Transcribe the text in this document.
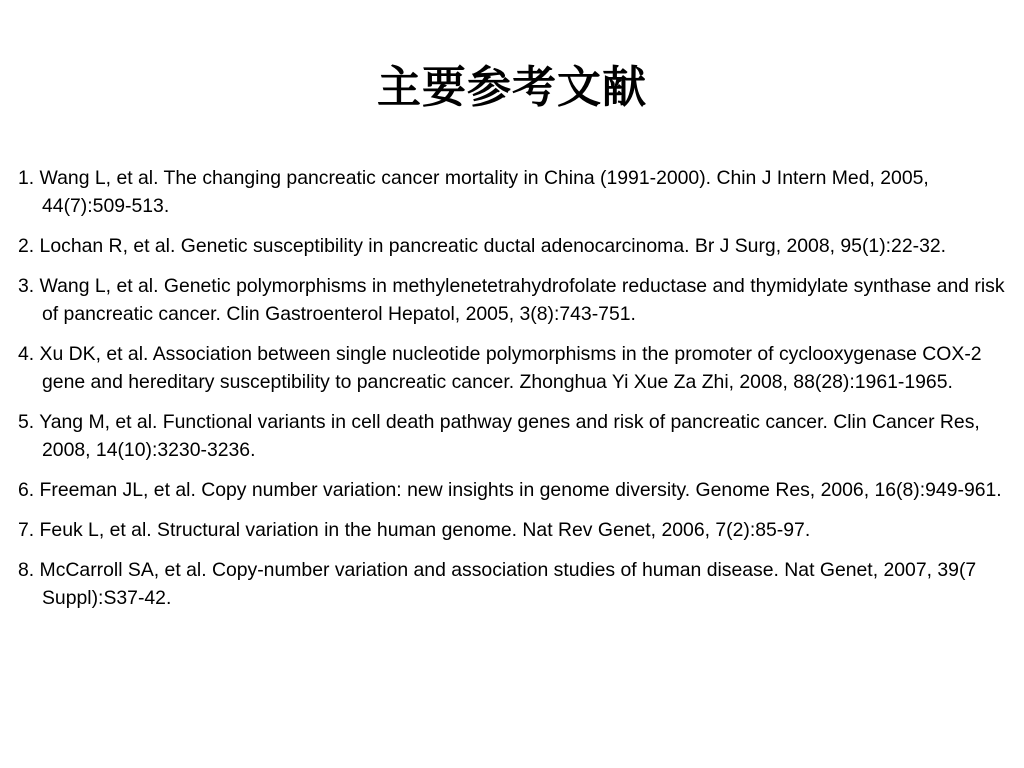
主要参考文献
1. Wang L, et al. The changing pancreatic cancer mortality in China (1991-2000). Chin J Intern Med, 2005, 44(7):509-513.
2. Lochan R, et al. Genetic susceptibility in pancreatic ductal adenocarcinoma. Br J Surg, 2008, 95(1):22-32.
3. Wang L, et al. Genetic polymorphisms in methylenetetrahydrofolate reductase and thymidylate synthase and risk of pancreatic cancer. Clin Gastroenterol Hepatol, 2005, 3(8):743-751.
4. Xu DK, et al. Association between single nucleotide polymorphisms in the promoter of cyclooxygenase COX-2 gene and hereditary susceptibility to pancreatic cancer. Zhonghua Yi Xue Za Zhi, 2008, 88(28):1961-1965.
5. Yang M, et al. Functional variants in cell death pathway genes and risk of pancreatic cancer. Clin Cancer Res, 2008, 14(10):3230-3236.
6. Freeman JL, et al. Copy number variation: new insights in genome diversity. Genome Res, 2006, 16(8):949-961.
7. Feuk L, et al. Structural variation in the human genome. Nat Rev Genet, 2006, 7(2):85-97.
8. McCarroll SA, et al. Copy-number variation and association studies of human disease. Nat Genet, 2007, 39(7 Suppl):S37-42.
